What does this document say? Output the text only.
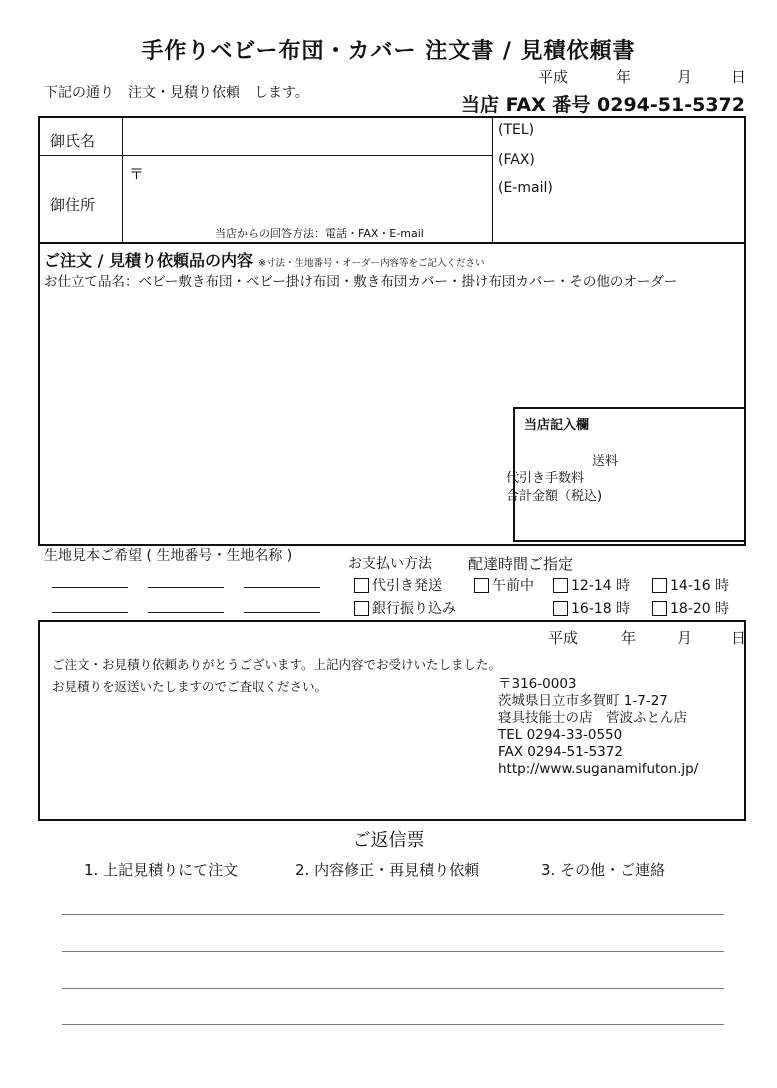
手作りベビー布団・カバー 注文書 / 見積依頼書
平成	年	月	日
下記の通り　注文・見積り依頼　します。
当店 FAX 番号 0294-51-5372
御氏名
御住所
〒
当店からの回答方法：電話・FAX・E-mail
(TEL)
(FAX)
(E-mail)
ご注文 / 見積り依頼品の内容 ※寸法・生地番号・オーダー内容等をご記入ください
お仕立て品名：ベビー敷き布団・ベビー掛け布団・敷き布団カバー・掛け布団カバー・その他のオーダー
当店記入欄
送料
代引き手数料
合計金額（税込)
生地見本ご希望 ( 生地番号・生地名称 )	お支払い方法
代引き発送
銀行振り込み
配達時間ご指定
午前中	12-14 時	14-16 時
16-18 時	18-20 時
平成	年	月	日
ご注文・お見積り依頼ありがとうございます。上記内容でお受けいたしました。
お見積りを返送いたしますのでご査収ください。	〒316-0003
茨城県日立市多賀町 1-7-27
寝具技能士の店　菅波ふとん店
TEL 0294-33-0550
FAX 0294-51-5372
http://www.suganamifuton.jp/
ご返信票
1. 上記見積りにて注文	2. 内容修正・再見積り依頼	3. その他・ご連絡
